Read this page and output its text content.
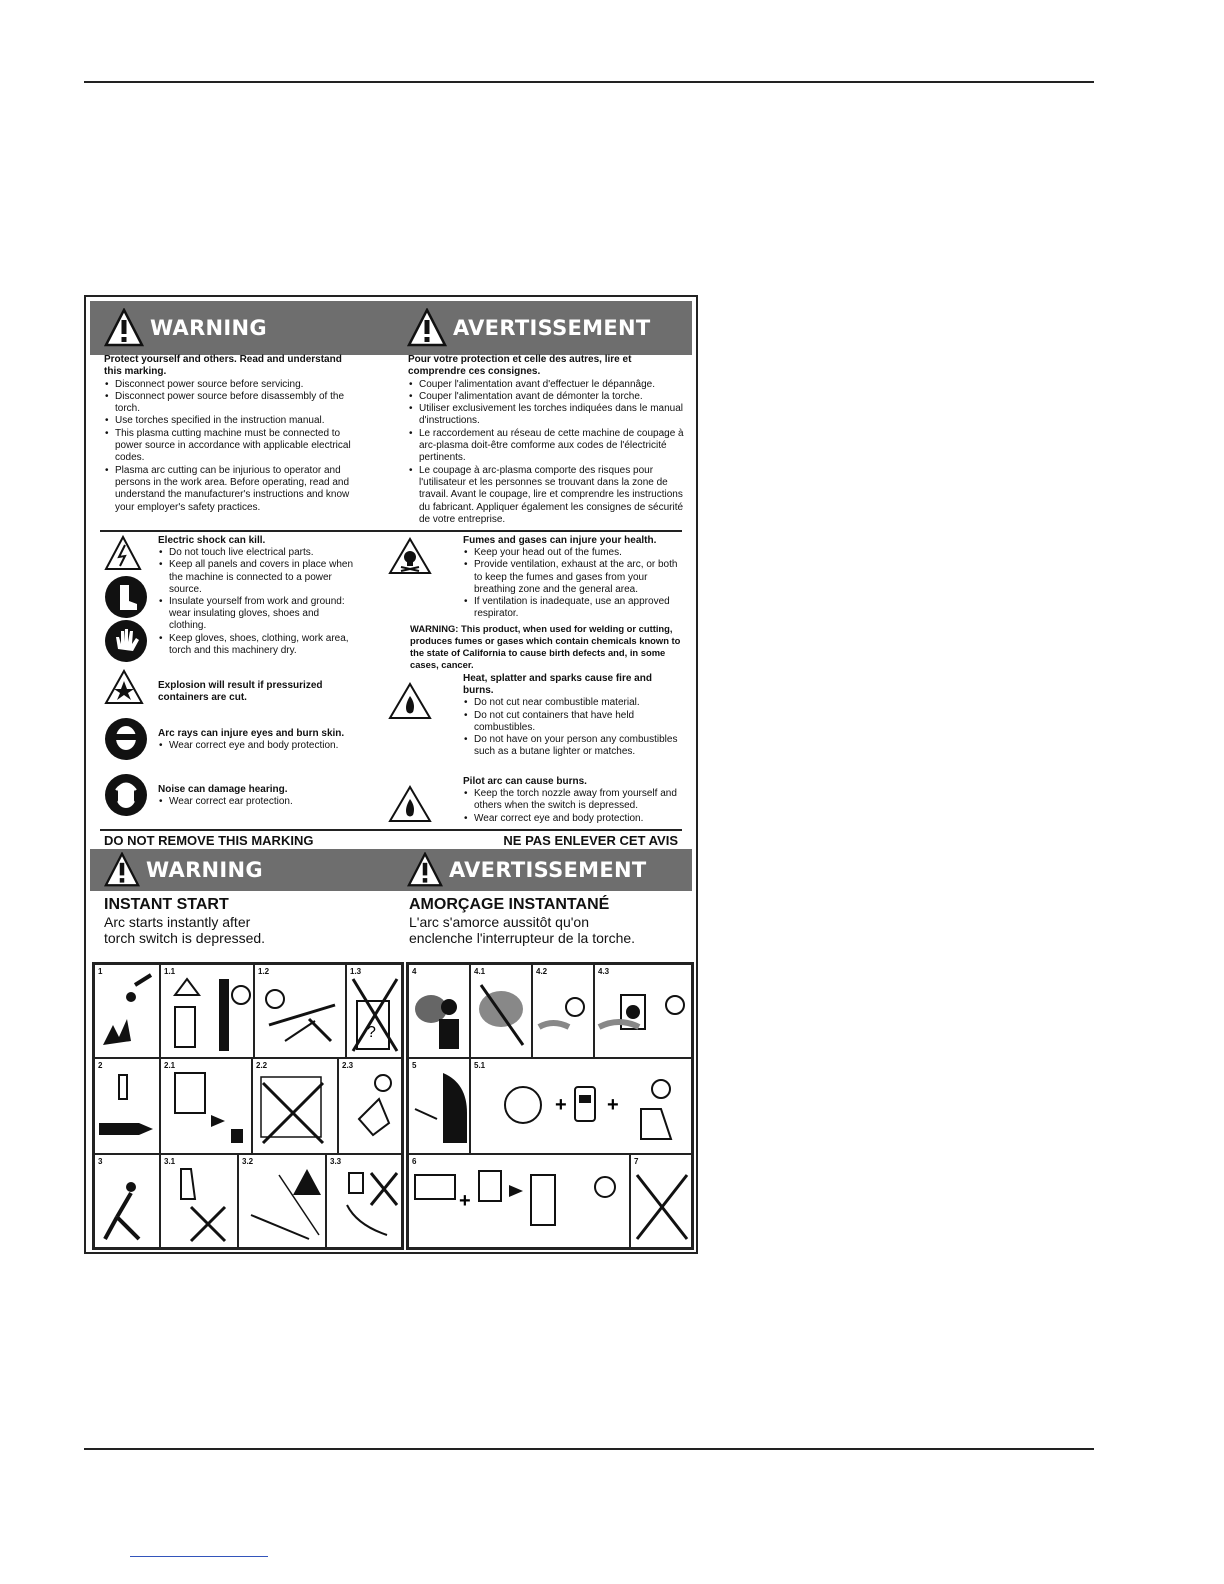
WARNING	AVERTISSEMENT
Protect yourself and others. Read and understand this marking.
• Disconnect power source before servicing.
• Disconnect power source before disassembly of the torch.
• Use torches specified in the instruction manual.
• This plasma cutting machine must be connected to power source in accordance with applicable electrical codes.
• Plasma arc cutting can be injurious to operator and persons in the work area. Before operating, read and understand the manufacturer's instructions and know your employer's safety practices.
Pour votre protection et celle des autres, lire et comprendre ces consignes.
• Couper l'alimentation avant d'effectuer le dépannâge.
• Couper l'alimentation avant de démonter la torche.
• Utiliser exclusivement les torches indiquées dans le manual d'instructions.
• Le raccordement au réseau de cette machine de coupage à arc-plasma doit-être comforme aux codes de l'électricité pertinents.
• Le coupage à arc-plasma comporte des risques pour l'utilisateur et les personnes se trouvant dans la zone de travail. Avant le coupage, lire et comprendre les instructions du fabricant. Appliquer également les consignes de sécurité de votre entreprise.
Electric shock can kill.
• Do not touch live electrical parts.
• Keep all panels and covers in place when the machine is connected to a power source.
• Insulate yourself from work and ground: wear insulating gloves, shoes and clothing.
• Keep gloves, shoes, clothing, work area, torch and this machinery dry.
Explosion will result if pressurized containers are cut.
Arc rays can injure eyes and burn skin.
• Wear correct eye and body protection.
Noise can damage hearing.
• Wear correct ear protection.
Fumes and gases can injure your health.
• Keep your head out of the fumes.
• Provide ventilation, exhaust at the arc, or both to keep the fumes and gases from your breathing zone and the general area.
• If ventilation is inadequate, use an approved respirator.
WARNING: This product, when used for welding or cutting, produces fumes or gases which contain chemicals known to the state of California to cause birth defects and, in some cases, cancer.
Heat, splatter and sparks cause fire and burns.
• Do not cut near combustible material.
• Do not cut containers that have held combustibles.
• Do not have on your person any combustibles such as a butane lighter or matches.
Pilot arc can cause burns.
• Keep the torch nozzle away from yourself and others when the switch is depressed.
• Wear correct eye and body protection.
DO NOT REMOVE THIS MARKING	NE PAS ENLEVER CET AVIS
WARNING	AVERTISSEMENT
INSTANT START
Arc starts instantly after
torch switch is depressed.
AMORÇAGE INSTANTANÉ
L'arc s'amorce aussitôt qu'on
enclenche l'interrupteur de la torche.
1	1.1	1.2	1.3
?
2	2.1	2.2	2.3
3	3.1	3.2	3.3
4	4.1	4.2	4.3
5	5.1
+ +
6
+
7
